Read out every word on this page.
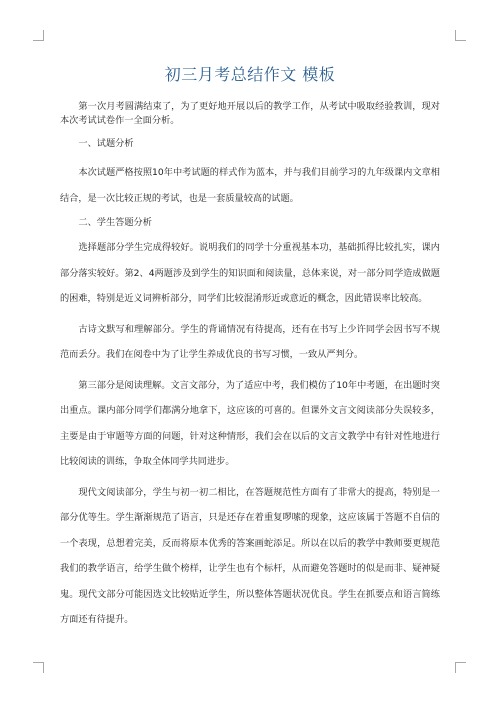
初三月考总结作文 模板

第一次月考圆满结束了，为了更好地开展以后的教学工作，从考试中吸取经验教训，现对本次考试试卷作一全面分析。

一、试题分析

本次试题严格按照10年中考试题的样式作为蓝本，并与我们目前学习的九年级课内文章相结合，是一次比较正规的考试，也是一套质量较高的试题。

二、学生答题分析

选择题部分学生完成得较好。说明我们的同学十分重视基本功，基础抓得比较扎实，课内部分落实较好。第2、4两题涉及到学生的知识面和阅读量，总体来说，对一部分同学造成做题的困难，特别是近义词辨析部分，同学们比较混淆形近或意近的概念，因此错误率比较高。

古诗文默写和理解部分。学生的背诵情况有待提高，还有在书写上少许同学会因书写不规范而丢分。我们在阅卷中为了让学生养成优良的书写习惯，一致从严判分。

第三部分是阅读理解。文言文部分，为了适应中考，我们模仿了10年中考题，在出题时突出重点。课内部分同学们都满分地拿下，这应该的可喜的。但课外文言文阅读部分失误较多，主要是由于审题等方面的问题，针对这种情形，我们会在以后的文言文教学中有针对性地进行比较阅读的训练，争取全体同学共同进步。

现代文阅读部分，学生与初一初二相比，在答题规范性方面有了非常大的提高，特别是一部分优等生。学生渐渐规范了语言，只是还存在着重复啰嗦的现象，这应该属于答题不自信的一个表现，总想着完美，反而将原本优秀的答案画蛇添足。所以在以后的教学中教师要更规范我们的教学语言，给学生做个榜样，让学生也有个标杆，从而避免答题时的似是而非、疑神疑鬼。现代文部分可能因选文比较贴近学生，所以整体答题状况优良。学生在抓要点和语言简练方面还有待提升。
